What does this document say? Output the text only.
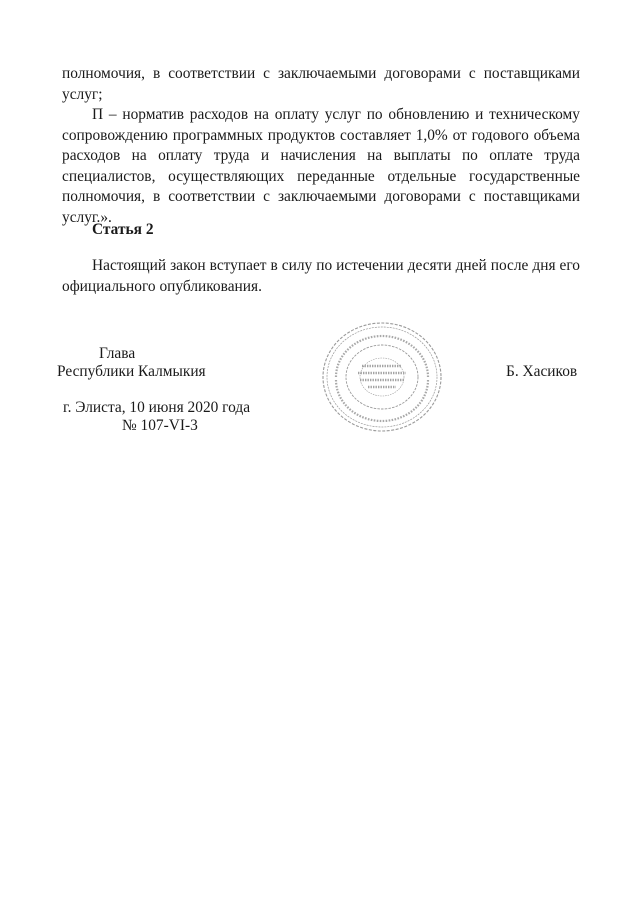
полномочия, в соответствии с заключаемыми договорами с поставщиками
услуг;
П – норматив расходов на оплату услуг по обновлению и техническому
сопровождению программных продуктов составляет 1,0% от годового объема
расходов на оплату труда и начисления на выплаты по оплате труда
специалистов, осуществляющих переданные отдельные государственные
полномочия, в соответствии с заключаемыми договорами с поставщиками
услуг.».
Статья 2
Настоящий закон вступает в силу по истечении десяти дней после дня его
официального опубликования.
Глава
Республики Калмыкия	Б. Хасиков
г. Элиста, 10 июня 2020 года
№ 107-VI-3
